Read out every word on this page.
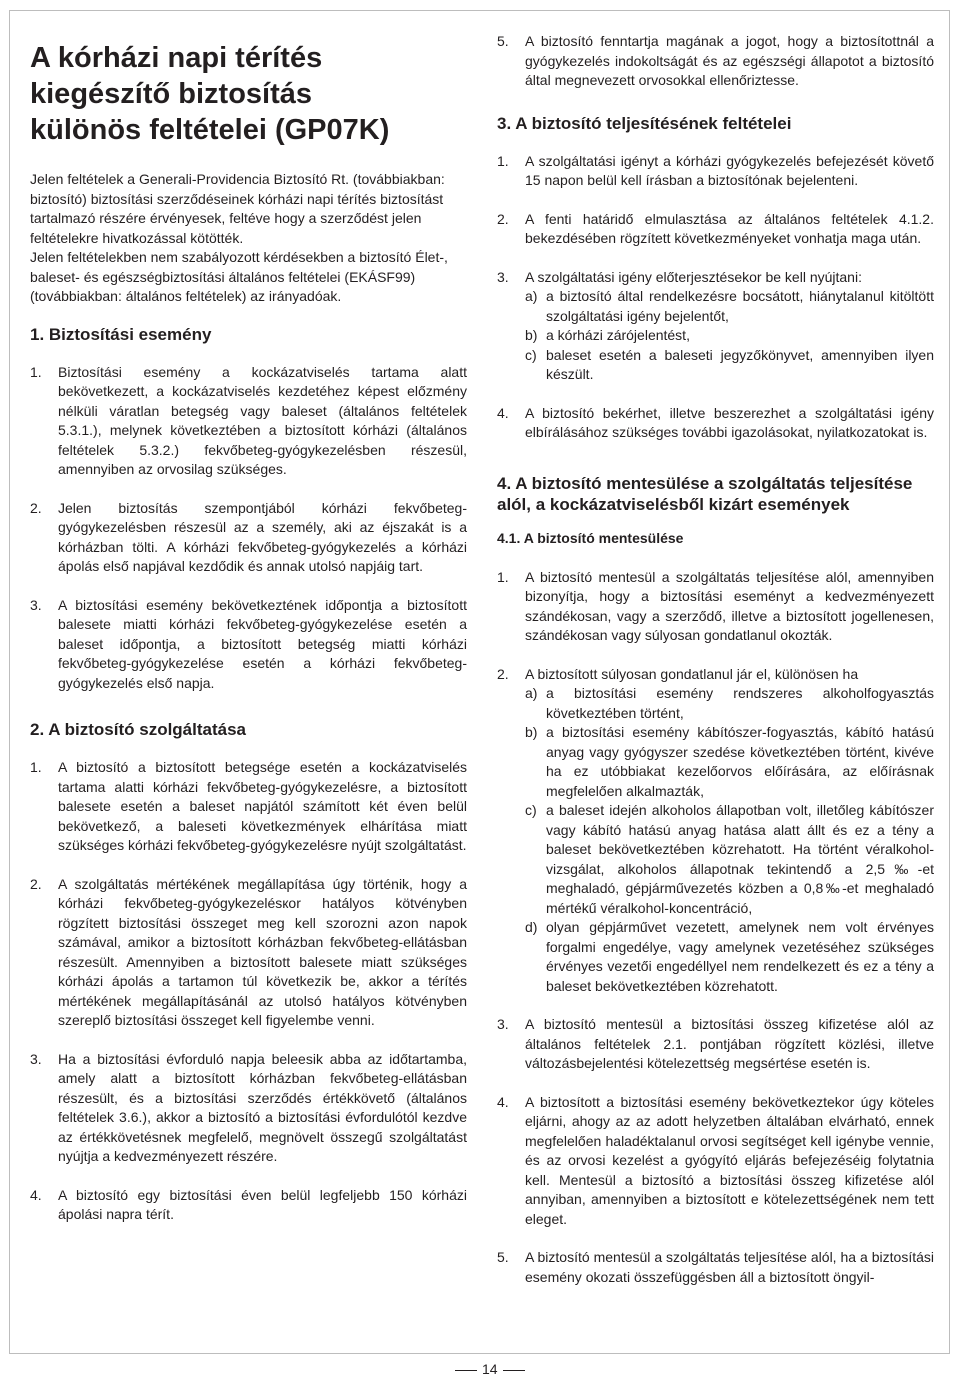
A kórházi napi térítés
kiegészítő biztosítás
különös feltételei (GP07K)

Jelen feltételek a Generali-Providencia Biztosító Rt. (továbbiakban: biztosító) biztosítási szerződéseinek kórházi napi térítés biztosítást tartalmazó részére érvényesek, feltéve hogy a szerződést jelen feltételekre hivatkozással kötötték.

Jelen feltételekben nem szabályozott kérdésekben a biztosító Élet-, baleset- és egészségbiztosítási általános feltételei (EKÁSF99) (továbbiakban: általános feltételek) az irányadóak.

1. Biztosítási esemény
1. Biztosítási esemény a kockázatviselés tartama alatt bekövetkezett, a kockázatviselés kezdetéhez képest előzmény nélküli váratlan betegség vagy baleset (általános feltételek 5.3.1.), melynek következtében a biztosított kórházi (általános feltételek 5.3.2.) fekvőbeteg-gyógykezelésben részesül, amennyiben az orvosilag szükséges.

2. Jelen biztosítás szempontjából kórházi fekvőbeteg-gyógykezelésben részesül az a személy, aki az éjszakát is a kórházban tölti. A kórházi fekvőbeteg-gyógykezelés a kórházi ápolás első napjával kezdődik és annak utolsó napjáig tart.

3. A biztosítási esemény bekövetkeztének időpontja a biztosított balesete miatti kórházi fekvőbeteg-gyógykezelése esetén a baleset időpontja, a biztosított betegség miatti kórházi fekvőbeteg-gyógykezelése esetén a kórházi fekvőbeteg-gyógykezelés első napja.

2. A biztosító szolgáltatása
1. A biztosító a biztosított betegsége esetén a kockázatviselés tartama alatti kórházi fekvőbeteg-gyógykezelésre, a biztosított balesete esetén a baleset napjától számított két éven belül bekövetkező, a baleseti következmények elhárítása miatt szükséges kórházi fekvőbeteg-gyógykezelésre nyújt szolgáltatást.

2. A szolgáltatás mértékének megállapítása úgy történik, hogy a kórházi fekvőbeteg-gyógykezelésкor hatályos kötvényben rögzített biztosítási összeget meg kell szorozni azon napok számával, amikor a biztosított kórházban fekvőbeteg-ellátásban részesült. Amennyiben a biztosított balesete miatt szükséges kórházi ápolás a tartamon túl következik be, akkor a térítés mértékének megállapításánál az utolsó hatályos kötvényben szereplő biztosítási összeget kell figyelembe venni.

3. Ha a biztosítási évforduló napja beleesik abba az időtartamba, amely alatt a biztosított kórházban fekvőbeteg-ellátásban részesült, és a biztosítási szerződés értékkövető (általános feltételek 3.6.), akkor a biztosító a biztosítási évfordulótól kezdve az értékkövetésnek megfelelő, megnövelt összegű szolgáltatást nyújtja a kedvezményezett részére.

4. A biztosító egy biztosítási éven belül legfeljebb 150 kórházi ápolási napra térít.

5. A biztosító fenntartja magának a jogot, hogy a biztosítottnál a gyógykezelés indokoltságát és az egészségi állapotot a biztosító által megnevezett orvosokkal ellenőriztesse.

3. A biztosító teljesítésének feltételei
1. A szolgáltatási igényt a kórházi gyógykezelés befejezését követő 15 napon belül kell írásban a biztosítónak bejelenteni.

2. A fenti határidő elmulasztása az általános feltételek 4.1.2. bekezdésében rögzített következményeket vonhatja maga után.

3. A szolgáltatási igény előterjesztésekor be kell nyújtani:

a) a biztosító által rendelkezésre bocsátott, hiánytalanul kitöltött szolgáltatási igény bejelentőt,

b) a kórházi zárójelentést,

c) baleset esetén a baleseti jegyzőkönyvet, amennyiben ilyen készült.

4. A biztosító bekérhet, illetve beszerezhet a szolgáltatási igény elbírálásához szükséges további igazolásokat, nyilatkozatokat is.

4. A biztosító mentesülése a szolgáltatás teljesítése alól, a kockázatviselésből kizárt események
4.1. A biztosító mentesülése
1. A biztosító mentesül a szolgáltatás teljesítése alól, amennyiben bizonyítja, hogy a biztosítási eseményt a kedvezményezett szándékosan, vagy a szerződő, illetve a biztosított jogellenesen, szándékosan vagy súlyosan gondatlanul okozták.

2. A biztosított súlyosan gondatlanul jár el, különösen ha

a) a biztosítási esemény rendszeres alkoholfogyasztás következtében történt,

b) a biztosítási esemény kábítószer-fogyasztás, kábító hatású anyag vagy gyógyszer szedése következtében történt, kivéve ha ez utóbbiakat kezelőorvos előírására, az előírásnak megfelelően alkalmazták,

c) a baleset idején alkoholos állapotban volt, illetőleg kábítószer vagy kábító hatású anyag hatása alatt állt és ez a tény a baleset bekövetkeztében közrehatott. Ha történt véralkohol-vizsgálat, alkoholos állapotnak tekintendő a 2,5‰-et meghaladó, gépjárművezetés közben a 0,8‰-et meghaladó mértékű véralkohol-koncentráció,

d) olyan gépjárművet vezetett, amelynek nem volt érvényes forgalmi engedélye, vagy amelynek vezetéséhez szükséges érvényes vezetői engedéllyel nem rendelkezett és ez a tény a baleset bekövetkeztében közrehatott.

3. A biztosító mentesül a biztosítási összeg kifizetése alól az általános feltételek 2.1. pontjában rögzített közlési, illetve változásbejelentési kötelezettség megsértése esetén is.

4. A biztosított a biztosítási esemény bekövetkeztekor úgy köteles eljárni, ahogy az az adott helyzetben általában elvárható, ennek megfelelően haladéktalanul orvosi segítséget kell igénybe vennie, és az orvosi kezelést a gyógyító eljárás befejezéséig folytatnia kell. Mentesül a biztosító a biztosítási összeg kifizetése alól annyiban, amennyiben a biztosított e kötelezettségének nem tett eleget.

5. A biztosító mentesül a szolgáltatás teljesítése alól, ha a biztosítási esemény okozati összefüggésben áll a biztosított öngyil-

14
